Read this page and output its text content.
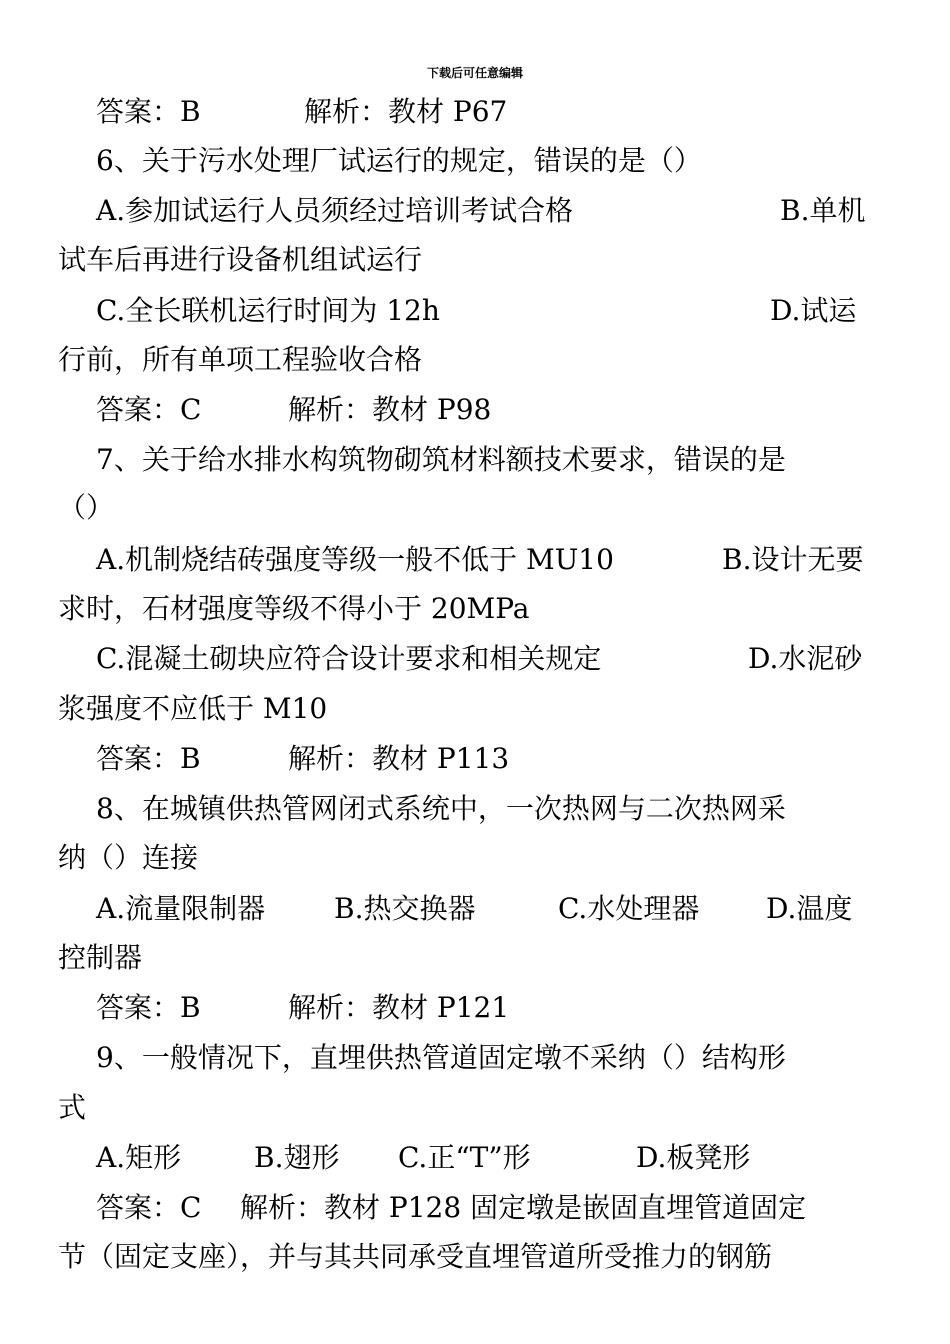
下载后可任意编辑
答案：B	解析：教材 P67
6、关于污水处理厂试运行的规定，错误的是（）
A.参加试运行人员须经过培训考试合格	B.单机
试车后再进行设备机组试运行
C.全长联机运行时间为 12h	D.试运
行前，所有单项工程验收合格
答案：C	解析：教材 P98
7、关于给水排水构筑物砌筑材料额技术要求，错误的是
（）
A.机制烧结砖强度等级一般不低于 MU10	B.设计无要
求时，石材强度等级不得小于 20MPa
C.混凝土砌块应符合设计要求和相关规定	D.水泥砂
浆强度不应低于 M10
答案：B	解析：教材 P113
8、在城镇供热管网闭式系统中，一次热网与二次热网采
纳（）连接
A.流量限制器 B.热交换器	C.水处理器 D.温度
控制器
答案：B	解析：教材 P121
9、一般情况下，直埋供热管道固定墩不采纳（）结构形
式
A.矩形	B.翅形 C.正“T”形	D.板凳形
答案：C 解析：教材 P128 固定墩是嵌固直埋管道固定
节（固定支座），并与其共同承受直埋管道所受推力的钢筋
